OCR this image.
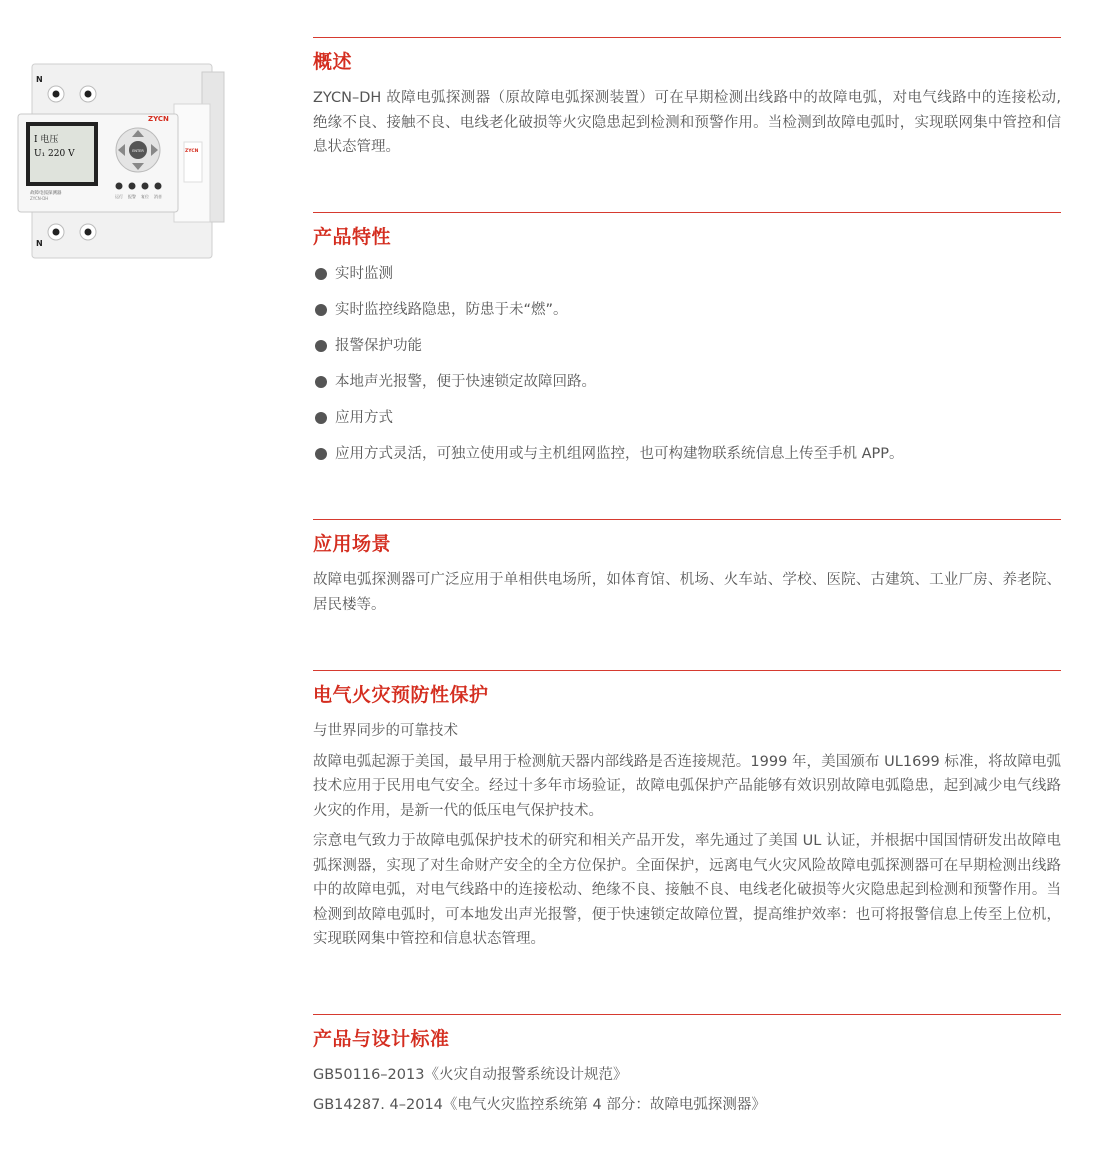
N
N
I 电压
U₁ 220 V
故障电弧探测器
ZYCN-DH
ZYCN
ENTER
运行 报警 复位 消音
ZYCN
概述

ZYCN–DH 故障电弧探测器（原故障电弧探测装置）可在早期检测出线路中的故障电弧，对电气线路中的连接松动, 绝缘不良、接触不良、电线老化破损等火灾隐患起到检测和预警作用。当检测到故障电弧时，实现联网集中管控和信息状态管理。

产品特性
实时监测
实时监控线路隐患，防患于未“燃”。
报警保护功能
本地声光报警，便于快速锁定故障回路。
应用方式
应用方式灵活，可独立使用或与主机组网监控，也可构建物联系统信息上传至手机 APP。
应用场景

故障电弧探测器可广泛应用于单相供电场所，如体育馆、机场、火车站、学校、医院、古建筑、工业厂房、养老院、居民楼等。

电气火灾预防性保护

与世界同步的可靠技术

故障电弧起源于美国，最早用于检测航天器内部线路是否连接规范。1999 年，美国颁布 UL1699 标准，将故障电弧技术应用于民用电气安全。经过十多年市场验证，故障电弧保护产品能够有效识别故障电弧隐患，起到减少电气线路火灾的作用，是新一代的低压电气保护技术。

宗意电气致力于故障电弧保护技术的研究和相关产品开发，率先通过了美国 UL 认证，并根据中国国情研发出故障电弧探测器，实现了对生命财产安全的全方位保护。全面保护，远离电气火灾风险故障电弧探测器可在早期检测出线路中的故障电弧，对电气线路中的连接松动、绝缘不良、接触不良、电线老化破损等火灾隐患起到检测和预警作用。当检测到故障电弧时，可本地发出声光报警，便于快速锁定故障位置，提高维护效率：也可将报警信息上传至上位机，实现联网集中管控和信息状态管理。

产品与设计标准

GB50116–2013《火灾自动报警系统设计规范》

GB14287. 4–2014《电气火灾监控系统第 4 部分：故障电弧探测器》
